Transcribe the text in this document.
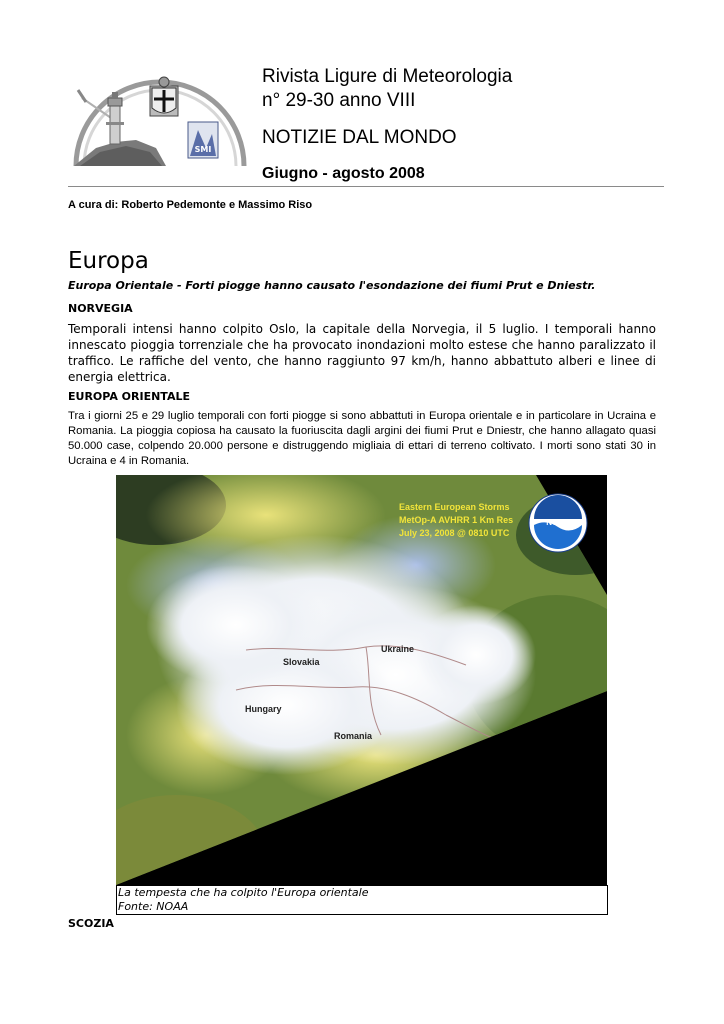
SMI
Rivista Ligure di Meteorologia
n° 29-30 anno VIII
NOTIZIE DAL MONDO
Giugno - agosto 2008
A cura di: Roberto Pedemonte e Massimo Riso
Europa
Europa Orientale - Forti piogge hanno causato l'esondazione dei fiumi Prut e Dniestr.
NORVEGIA
Temporali intensi hanno colpito Oslo, la capitale della Norvegia, il 5 luglio. I temporali hanno innescato pioggia torrenziale che ha provocato inondazioni molto estese che hanno paralizzato il traffico. Le raffiche del vento, che hanno raggiunto 97 km/h, hanno abbattuto alberi e linee di energia elettrica.
EUROPA ORIENTALE
Tra i giorni 25 e 29 luglio temporali con forti piogge si sono abbattuti in Europa orientale e in particolare in Ucraina e Romania. La pioggia copiosa ha causato la fuoriuscita dagli argini dei fiumi Prut e Dniestr, che hanno allagato quasi 50.000 case, colpendo 20.000 persone e distruggendo migliaia di ettari di terreno coltivato. I morti sono stati 30 in Ucraina e 4 in Romania.
Slovakia
Ukraine
Hungary
Romania
Eastern European Storms
MetOp-A AVHRR 1 Km Res
July 23, 2008 @ 0810 UTC
NOAA
La tempesta che ha colpito l'Europa orientale
Fonte: NOAA
SCOZIA
